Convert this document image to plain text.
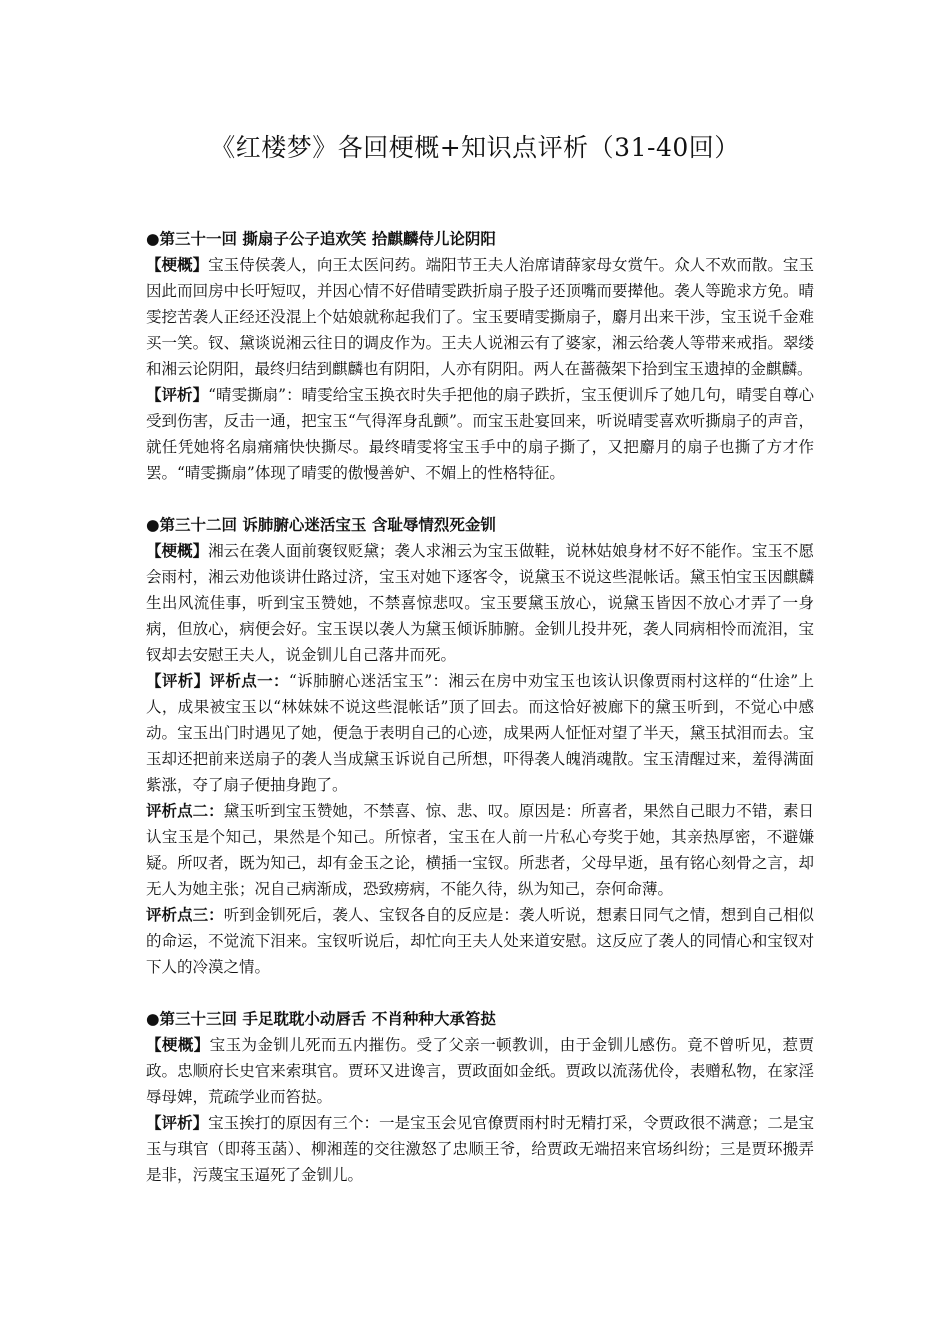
《红楼梦》各回梗概+知识点评析（31-40回）
●第三十一回 撕扇子公子追欢笑 拾麒麟侍儿论阴阳
【梗概】宝玉侍侯袭人，向王太医问药。端阳节王夫人治席请薛家母女赏午。众人不欢而散。宝玉因此而回房中长吁短叹，并因心情不好借晴雯跌折扇子股子还顶嘴而要撵他。袭人等跪求方免。晴雯挖苦袭人正经还没混上个姑娘就称起我们了。宝玉要晴雯撕扇子，麝月出来干涉，宝玉说千金难买一笑。钗、黛谈说湘云往日的调皮作为。王夫人说湘云有了婆家，湘云给袭人等带来戒指。翠缕和湘云论阴阳，最终归结到麒麟也有阴阳，人亦有阴阳。两人在蔷薇架下拾到宝玉遗掉的金麒麟。
【评析】“晴雯撕扇”：晴雯给宝玉换衣时失手把他的扇子跌折，宝玉便训斥了她几句，晴雯自尊心受到伤害，反击一通，把宝玉“气得浑身乱颤”。而宝玉赴宴回来，听说晴雯喜欢听撕扇子的声音，就任凭她将名扇痛痛快快撕尽。最终晴雯将宝玉手中的扇子撕了，又把麝月的扇子也撕了方才作罢。“晴雯撕扇”体现了晴雯的傲慢善妒、不媚上的性格特征。
●第三十二回 诉肺腑心迷活宝玉 含耻辱情烈死金钏
【梗概】湘云在袭人面前褒钗贬黛；袭人求湘云为宝玉做鞋，说林姑娘身材不好不能作。宝玉不愿会雨村，湘云劝他谈讲仕路过济，宝玉对她下逐客令，说黛玉不说这些混帐话。黛玉怕宝玉因麒麟生出风流佳事，听到宝玉赞她，不禁喜惊悲叹。宝玉要黛玉放心，说黛玉皆因不放心才弄了一身病，但放心，病便会好。宝玉误以袭人为黛玉倾诉肺腑。金钏儿投井死，袭人同病相怜而流泪，宝钗却去安慰王夫人，说金钏儿自己落井而死。
【评析】评析点一：“诉肺腑心迷活宝玉”：湘云在房中劝宝玉也该认识像贾雨村这样的“仕途”上人，成果被宝玉以“林妹妹不说这些混帐话”顶了回去。而这恰好被廊下的黛玉听到，不觉心中感动。宝玉出门时遇见了她，便急于表明自己的心迹，成果两人怔怔对望了半天，黛玉拭泪而去。宝玉却还把前来送扇子的袭人当成黛玉诉说自己所想，吓得袭人魄消魂散。宝玉清醒过来，羞得满面紫涨，夺了扇子便抽身跑了。
评析点二：黛玉听到宝玉赞她，不禁喜、惊、悲、叹。原因是：所喜者，果然自己眼力不错，素日认宝玉是个知己，果然是个知己。所惊者，宝玉在人前一片私心夸奖于她，其亲热厚密，不避嫌疑。所叹者，既为知己，却有金玉之论，横插一宝钗。所悲者，父母早逝，虽有铭心刻骨之言，却无人为她主张；况自己病渐成，恐致痨病，不能久待，纵为知己，奈何命薄。
评析点三：听到金钏死后，袭人、宝钗各自的反应是：袭人听说，想素日同气之情，想到自己相似的命运，不觉流下泪来。宝钗听说后，却忙向王夫人处来道安慰。这反应了袭人的同情心和宝钗对下人的冷漠之情。
●第三十三回 手足耽耽小动唇舌 不肖种种大承笞挞
【梗概】宝玉为金钏儿死而五内摧伤。受了父亲一顿教训，由于金钏儿感伤。竟不曾听见，惹贾政。忠顺府长史官来索琪官。贾环又进谗言，贾政面如金纸。贾政以流荡优伶，表赠私物，在家淫辱母婢，荒疏学业而笞挞。
【评析】宝玉挨打的原因有三个：一是宝玉会见官僚贾雨村时无精打采，令贾政很不满意；二是宝玉与琪官（即蒋玉菡）、柳湘莲的交往激怒了忠顺王爷，给贾政无端招来官场纠纷；三是贾环搬弄是非，污蔑宝玉逼死了金钏儿。
